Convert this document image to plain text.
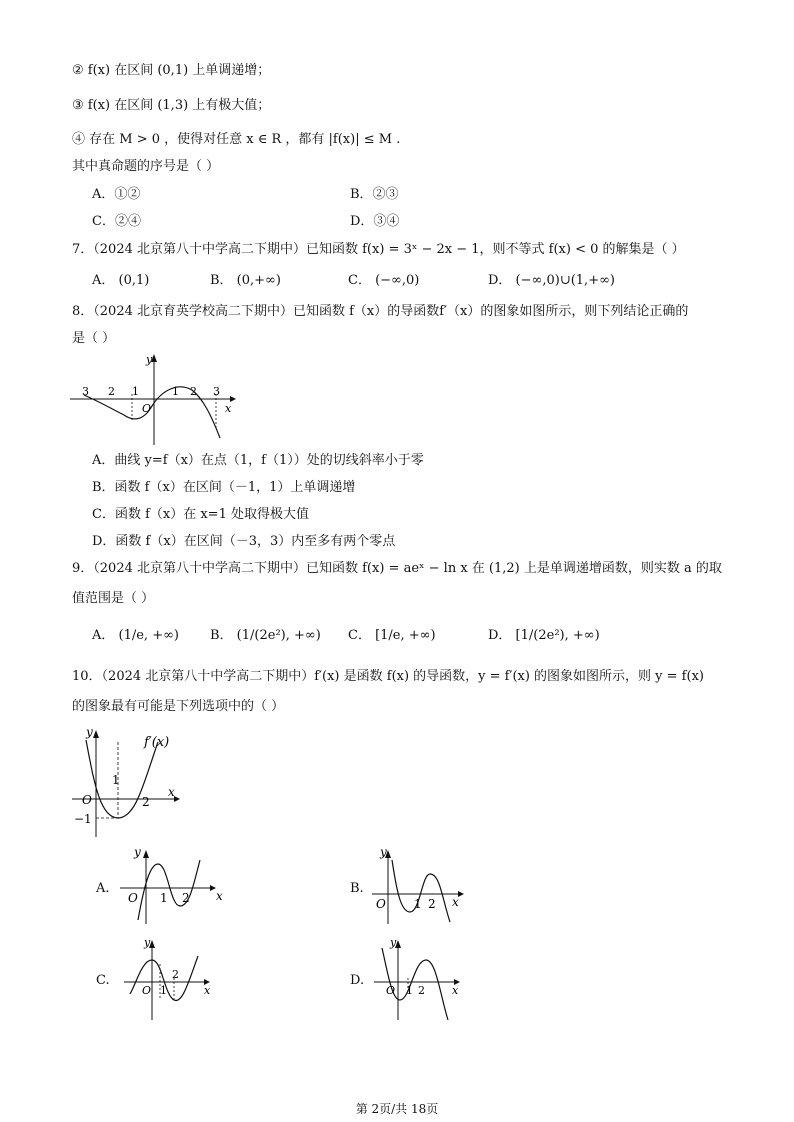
② f(x) 在区间 (0,1) 上单调递增；
③ f(x) 在区间 (1,3) 上有极大值；
④ 存在 M > 0 ，使得对任意 x ∈ R ，都有 |f(x)| ≤ M .
其中真命题的序号是（ ）
A．①②	B．②③
C．②④	D．③④
7．（2024 北京第八十中学高二下期中）已知函数 f(x) = 3ˣ − 2x − 1，则不等式 f(x) < 0 的解集是（ ）
A． (0,1)	B． (0,+∞)	C． (−∞,0)	D． (−∞,0)∪(1,+∞)
8．（2024 北京育英学校高二下期中）已知函数 f（x）的导函数f′（x）的图象如图所示，则下列结论正确的
是（ ）
3 2 1	1 2 3
O
y
x
A．曲线 y=f（x）在点（1，f（1））处的切线斜率小于零
B．函数 f（x）在区间（－1，1）上单调递增
C．函数 f（x）在 x=1 处取得极大值
D．函数 f（x）在区间（－3，3）内至多有两个零点
9．（2024 北京第八十中学高二下期中）已知函数 f(x) = aeˣ − ln x 在 (1,2) 上是单调递增函数，则实数 a 的取
值范围是（ ）
A． (1/e, +∞) B． (1/(2e²), +∞) C． [1/e, +∞)	D． [1/(2e²), +∞)
10．（2024 北京第八十中学高二下期中）f′(x) 是函数 f(x) 的导函数，y = f′(x) 的图象如图所示，则 y = f(x)
的图象最有可能是下列选项中的（ ）
f′(x)
y
x
O
1
2
−1
A.
y
x
O 1 2
B.
y
x
O 1 2
C.
y
x
O 1
2	D.
y
x
O 1 2
第 2页/共 18页
